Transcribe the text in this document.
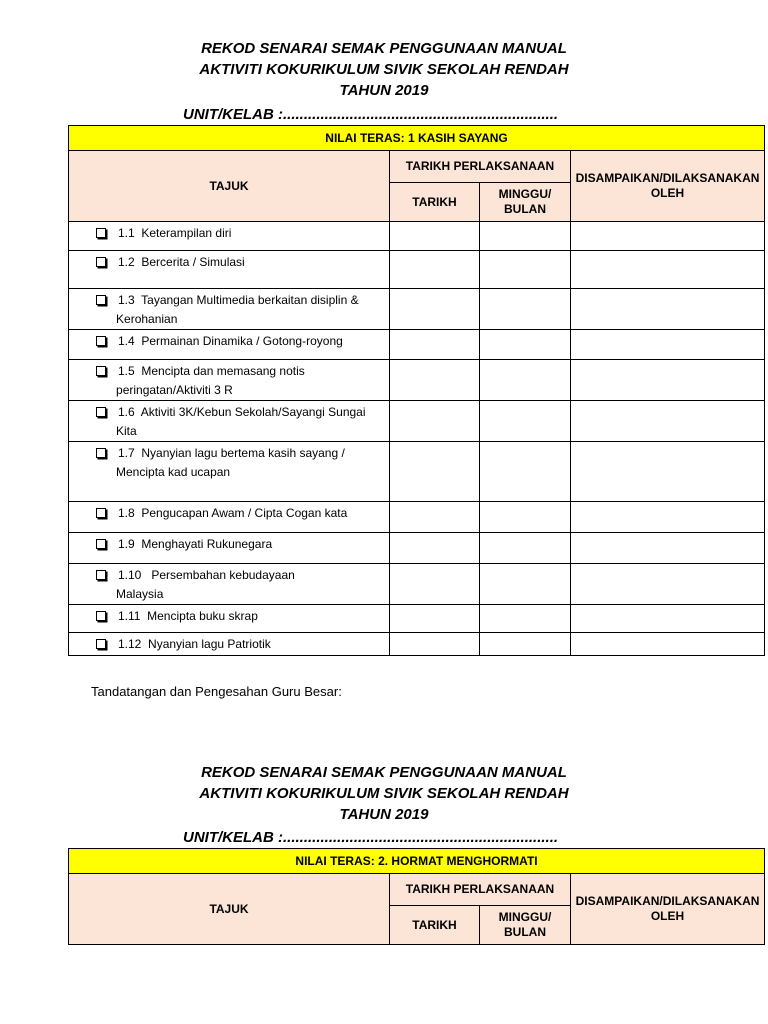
REKOD SENARAI SEMAK PENGGUNAAN MANUAL
AKTIVITI KOKURIKULUM SIVIK SEKOLAH RENDAH
TAHUN 2019
UNIT/KELAB :..................................................................
NILAI TERAS: 1 KASIH SAYANG			
TAJUK	TARIKH PERLAKSANAAN		DISAMPAIKAN/DILAKSANAKAN OLEH
	TARIKH	MINGGU/ BULAN	

1.1 Keterampilan diri			

1.2 Bercerita / Simulasi			

1.3 Tayangan Multimedia berkaitan disiplin &
Kerohanian			

1.4 Permainan Dinamika / Gotong-royong			

1.5 Mencipta dan memasang notis
peringatan/Aktiviti 3 R			

1.6 Aktiviti 3K/Kebun Sekolah/Sayangi Sungai
Kita			

1.7 Nyanyian lagu bertema kasih sayang /
Mencipta kad ucapan			

1.8 Pengucapan Awam / Cipta Cogan kata			

1.9 Menghayati Rukunegara			

1.10   Persembahan kebudayaan
Malaysia			

1.11 Mencipta buku skrap			

1.12 Nyanyian lagu Patriotik			
Tandatangan dan Pengesahan Guru Besar:
REKOD SENARAI SEMAK PENGGUNAAN MANUAL
AKTIVITI KOKURIKULUM SIVIK SEKOLAH RENDAH
TAHUN 2019
UNIT/KELAB :..................................................................
NILAI TERAS: 2. HORMAT MENGHORMATI			
TAJUK	TARIKH PERLAKSANAAN		DISAMPAIKAN/DILAKSANAKAN OLEH
	TARIKH	MINGGU/ BULAN	
